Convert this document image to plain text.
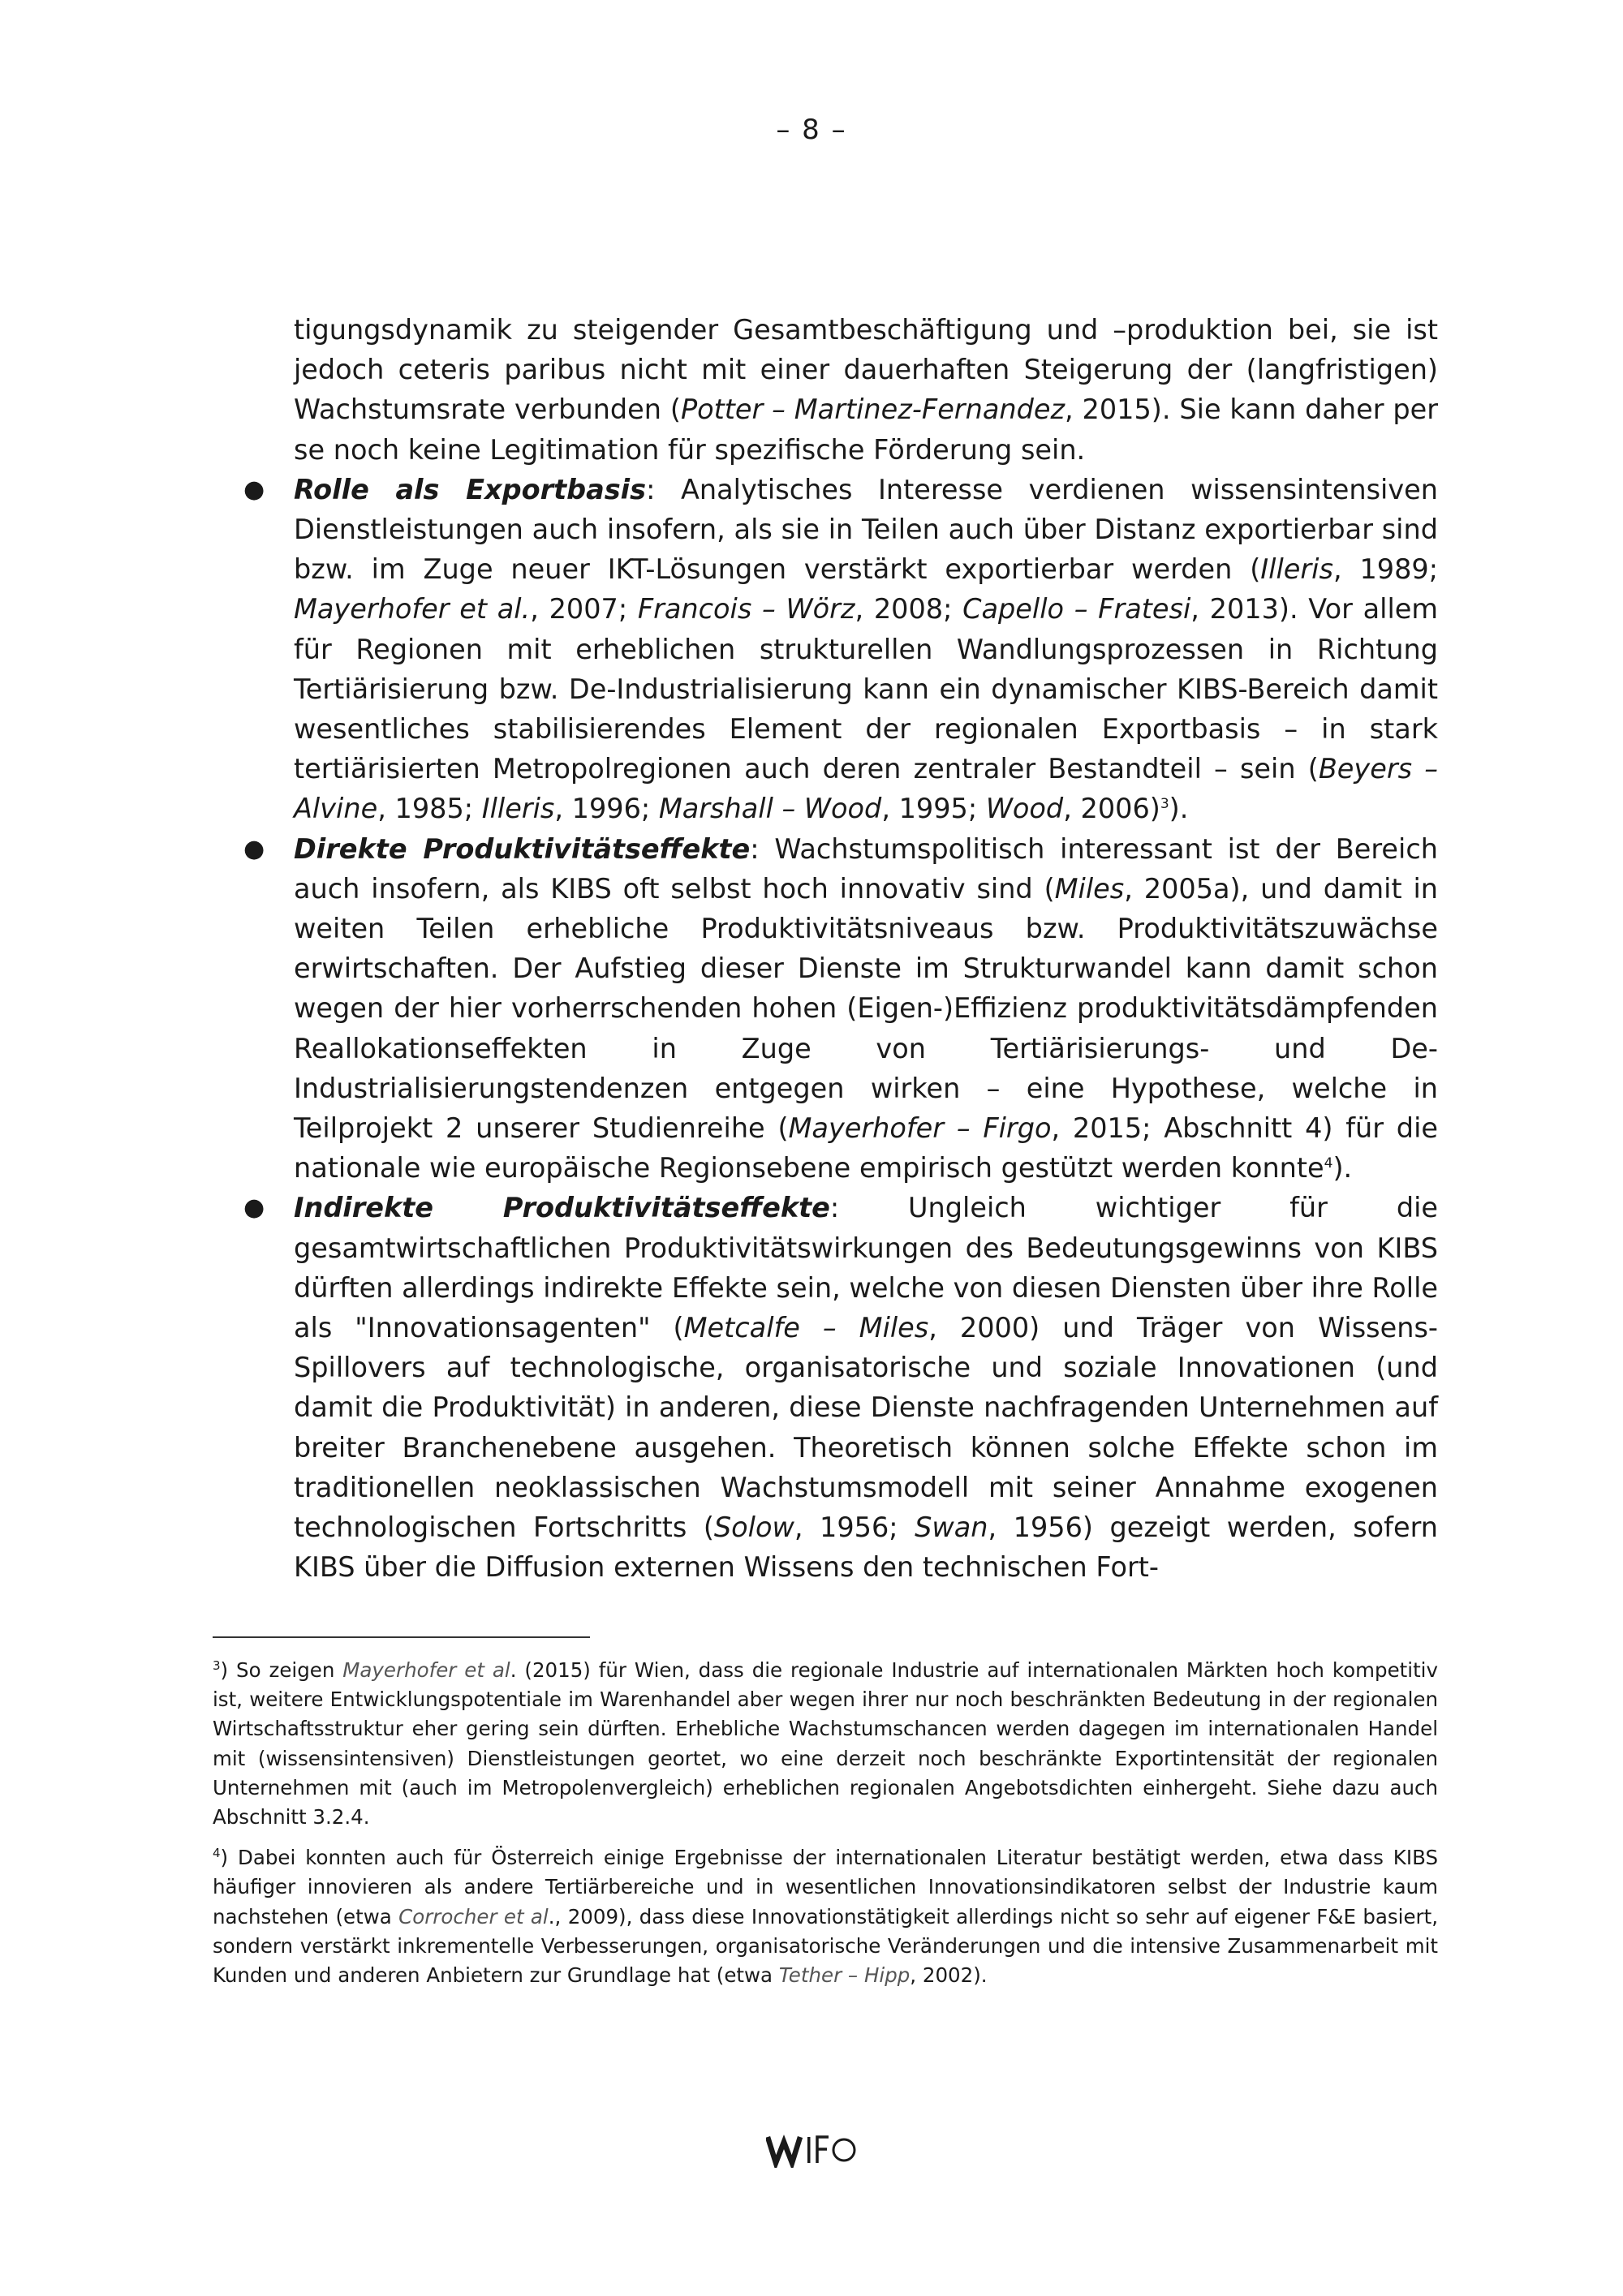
– 8 –

tigungsdynamik zu steigender Gesamtbeschäftigung und –produktion bei, sie ist jedoch ceteris paribus nicht mit einer dauerhaften Steigerung der (langfristigen) Wachstumsrate verbunden (Potter – Martinez-Fernandez, 2015). Sie kann daher per se noch keine Legitimation für spezifische Förderung sein.

● Rolle als Exportbasis: Analytisches Interesse verdienen wissensintensiven Dienstleistungen auch insofern, als sie in Teilen auch über Distanz exportierbar sind bzw. im Zuge neuer IKT-Lösungen verstärkt exportierbar werden (Illeris, 1989; Mayerhofer et al., 2007; Francois – Wörz, 2008; Capello – Fratesi, 2013). Vor allem für Regionen mit erheblichen strukturellen Wandlungsprozessen in Richtung Tertiärisierung bzw. De-Industrialisierung kann ein dynamischer KIBS-Bereich damit wesentliches stabilisierendes Element der regionalen Exportbasis – in stark tertiärisierten Metropolregionen auch deren zentraler Bestandteil – sein (Beyers – Alvine, 1985; Illeris, 1996; Marshall – Wood, 1995; Wood, 2006)$^3$).
● Direkte Produktivitätseffekte: Wachstumspolitisch interessant ist der Bereich auch insofern, als KIBS oft selbst hoch innovativ sind (Miles, 2005a), und damit in weiten Teilen erhebliche Produktivitätsniveaus bzw. Produktivitätszuwächse erwirtschaften. Der Aufstieg dieser Dienste im Strukturwandel kann damit schon wegen der hier vorherrschenden hohen (Eigen-)Effizienz produktivitätsdämpfenden Reallokationseffekten in Zuge von Tertiärisierungs- und De-Industrialisierungstendenzen entgegen wirken – eine Hypothese, welche in Teilprojekt 2 unserer Studienreihe (Mayerhofer – Firgo, 2015; Abschnitt 4) für die nationale wie europäische Regionsebene empirisch gestützt werden konnte$^4$).
● Indirekte Produktivitätseffekte: Ungleich wichtiger für die gesamtwirtschaftlichen Produktivitätswirkungen des Bedeutungsgewinns von KIBS dürften allerdings indirekte Effekte sein, welche von diesen Diensten über ihre Rolle als "Innovationsagenten" (Metcalfe – Miles, 2000) und Träger von Wissens-Spillovers auf technologische, organisatorische und soziale Innovationen (und damit die Produktivität) in anderen, diese Dienste nachfragenden Unternehmen auf breiter Branchenebene ausgehen. Theoretisch können solche Effekte schon im traditionellen neoklassischen Wachstumsmodell mit seiner Annahme exogenen technologischen Fortschritts (Solow, 1956; Swan, 1956) gezeigt werden, sofern KIBS über die Diffusion externen Wissens den technischen Fort-

$^3$) So zeigen Mayerhofer et al. (2015) für Wien, dass die regionale Industrie auf internationalen Märkten hoch kompetitiv ist, weitere Entwicklungspotentiale im Warenhandel aber wegen ihrer nur noch beschränkten Bedeutung in der regionalen Wirtschaftsstruktur eher gering sein dürften. Erhebliche Wachstumschancen werden dagegen im internationalen Handel mit (wissensintensiven) Dienstleistungen geortet, wo eine derzeit noch beschränkte Exportintensität der regionalen Unternehmen mit (auch im Metropolenvergleich) erheblichen regionalen Angebotsdichten einhergeht. Siehe dazu auch Abschnitt 3.2.4.

$^4$) Dabei konnten auch für Österreich einige Ergebnisse der internationalen Literatur bestätigt werden, etwa dass KIBS häufiger innovieren als andere Tertiärbereiche und in wesentlichen Innovationsindikatoren selbst der Industrie kaum nachstehen (etwa Corrocher et al., 2009), dass diese Innovationstätigkeit allerdings nicht so sehr auf eigener F&E basiert, sondern verstärkt inkrementelle Verbesserungen, organisatorische Veränderungen und die intensive Zusammenarbeit mit Kunden und anderen Anbietern zur Grundlage hat (etwa Tether – Hipp, 2002).
